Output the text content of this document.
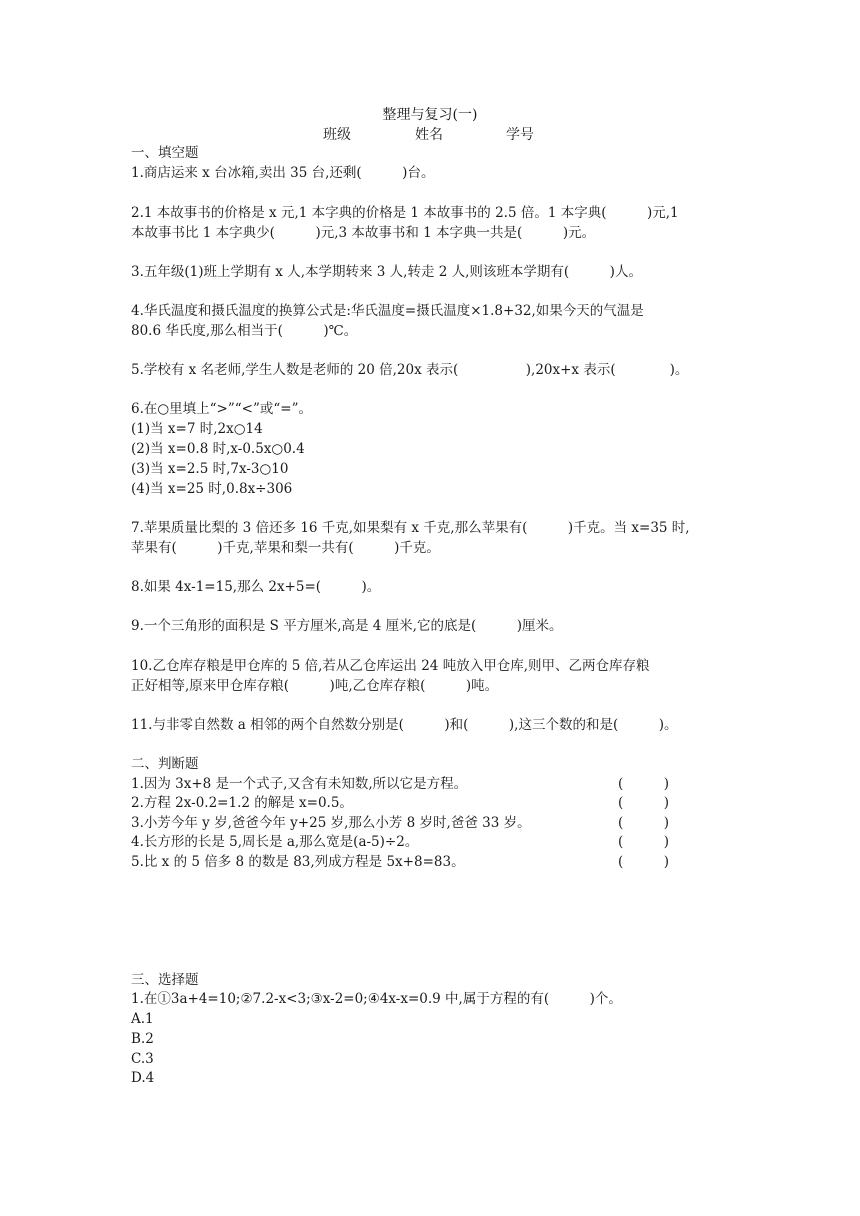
整理与复习(一)
班级	姓名	学号
一、填空题
1.商店运来 x 台冰箱,卖出 35 台,还剩(　　　)台。
2.1 本故事书的价格是 x 元,1 本字典的价格是 1 本故事书的 2.5 倍。1 本字典(　　　)元,1
本故事书比 1 本字典少(　　　)元,3 本故事书和 1 本字典一共是(　　　)元。
3.五年级(1)班上学期有 x 人,本学期转来 3 人,转走 2 人,则该班本学期有(　　　)人。
4.华氏温度和摄氏温度的换算公式是:华氏温度=摄氏温度×1.8+32,如果今天的气温是
80.6 华氏度,那么相当于(　　　)℃。
5.学校有 x 名老师,学生人数是老师的 20 倍,20x 表示(　　　　　),20x+x 表示(　　　　)。
6.在○里填上“>”“<”或“=”。
(1)当 x=7 时,2x○14
(2)当 x=0.8 时,x-0.5x○0.4
(3)当 x=2.5 时,7x-3○10
(4)当 x=25 时,0.8x÷306
7.苹果质量比梨的 3 倍还多 16 千克,如果梨有 x 千克,那么苹果有(　　　)千克。当 x=35 时,
苹果有(　　　)千克,苹果和梨一共有(　　　)千克。
8.如果 4x-1=15,那么 2x+5=(　　　)。
9.一个三角形的面积是 S 平方厘米,高是 4 厘米,它的底是(　　　)厘米。
10.乙仓库存粮是甲仓库的 5 倍,若从乙仓库运出 24 吨放入甲仓库,则甲、乙两仓库存粮
正好相等,原来甲仓库存粮(　　　)吨,乙仓库存粮(　　　)吨。
11.与非零自然数 a 相邻的两个自然数分别是(　　　)和(　　　),这三个数的和是(　　　)。
二、判断题
1.因为 3x+8 是一个式子,又含有未知数,所以它是方程。	(　　　)
2.方程 2x-0.2=1.2 的解是 x=0.5。	(　　　)
3.小芳今年 y 岁,爸爸今年 y+25 岁,那么小芳 8 岁时,爸爸 33 岁。	(　　　)
4.长方形的长是 5,周长是 a,那么宽是(a-5)÷2。	(　　　)
5.比 x 的 5 倍多 8 的数是 83,列成方程是 5x+8=83。	(　　　)
三、选择题
1.在①3a+4=10;②7.2-x<3;③x-2=0;④4x-x=0.9 中,属于方程的有(　　　)个。
A.1
B.2
C.3
D.4
